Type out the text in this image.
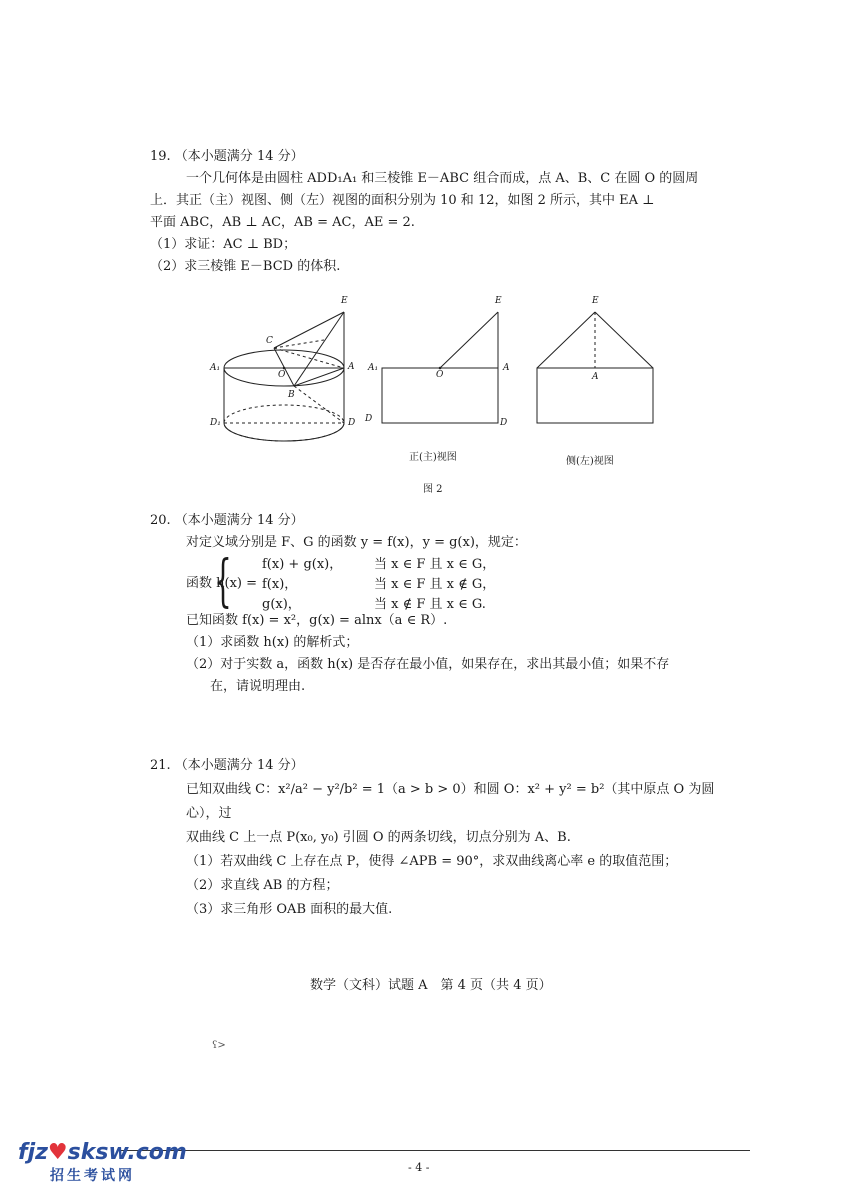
19. （本小题满分 14 分）
一个几何体是由圆柱 ADD₁A₁ 和三棱锥 E－ABC 组合而成，点 A、B、C 在圆 O 的圆周
上．其正（主）视图、侧（左）视图的面积分别为 10 和 12，如图 2 所示，其中 EA ⊥
平面 ABC，AB ⊥ AC，AB = AC，AE = 2.
（1）求证：AC ⊥ BD；
（2）求三棱锥 E－BCD 的体积.
E
C
A₁
O
A
B
D₁	D
E
A₁
O
A
D	D
E
A
正(主)视图	侧(左)视图
图 2
20. （本小题满分 14 分）
对定义域分别是 F、G 的函数 y = f(x)，y = g(x)，规定：
函数 h(x) =
{ f(x) + g(x)， 当 x ∈ F 且 x ∈ G，
f(x)，	当 x ∈ F 且 x ∉ G，
g(x)，	当 x ∉ F 且 x ∈ G.
已知函数 f(x) = x²，g(x) = alnx（a ∈ R）.
（1）求函数 h(x) 的解析式；
（2）对于实数 a，函数 h(x) 是否存在最小值，如果存在，求出其最小值；如果不存
在，请说明理由.
21. （本小题满分 14 分）
已知双曲线 C：x²/a² − y²/b² = 1（a > b > 0）和圆 O：x² + y² = b²（其中原点 O 为圆心），过
双曲线 C 上一点 P(x₀, y₀) 引圆 O 的两条切线，切点分别为 A、B.
（1）若双曲线 C 上存在点 P，使得 ∠APB = 90°，求双曲线离心率 e 的取值范围；
（2）求直线 AB 的方程；
（3）求三角形 OAB 面积的最大值.
数学（文科）试题 A　第 4 页（共 4 页）
ʕ>
- 4 -
fjz♥sksw.com
招生考试网
